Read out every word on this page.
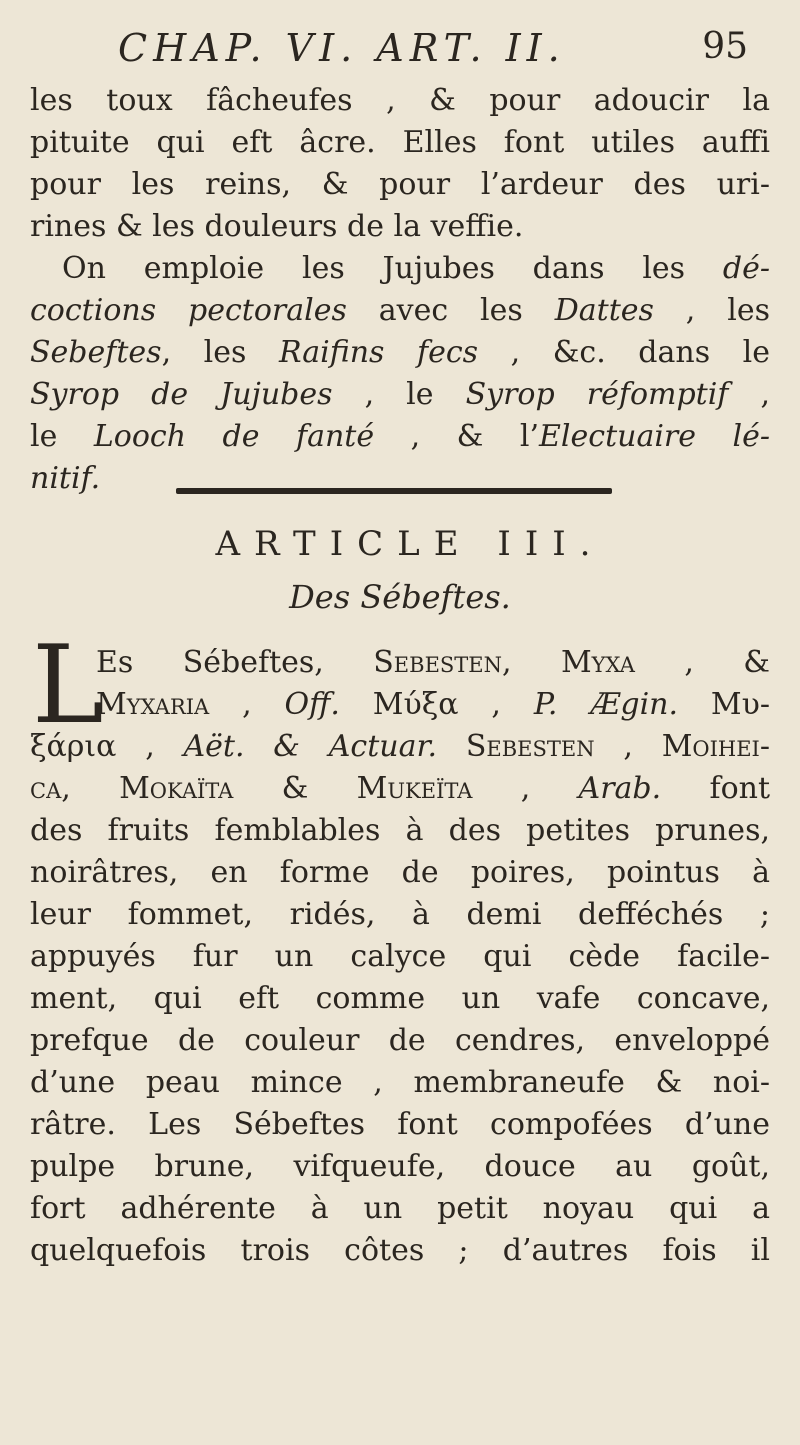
CHAP. VI. ART. II.	95
les toux fâcheufes , & pour adoucir la
pituite qui eft âcre. Elles font utiles auffi
pour les reins, & pour l’ardeur des uri-
rines & les douleurs de la veffie.
On emploie les Jujubes dans les dé-
coctions pectorales avec les Dattes , les
Sebeftes, les Raifins fecs , &c. dans le
Syrop de Jujubes , le Syrop réfomptif ,
le Looch de fanté , & l’Electuaire lé-
nitif.
ARTICLE III.
Des Sébeftes.
L
Es Sébeftes, Sebesten, Myxa , &
Myxaria , Off. Μύξα , P. Ægin. Μυ-
ξάρια , Aët. & Actuar. Sebesten , Moihei-
ca, Mokaïta & Mukeïta , Arab. font
des fruits femblables à des petites prunes,
noirâtres, en forme de poires, pointus à
leur fommet, ridés, à demi defféchés ;
appuyés fur un calyce qui cède facile-
ment, qui eft comme un vafe concave,
prefque de couleur de cendres, enveloppé
d’une peau mince , membraneufe & noi-
râtre. Les Sébeftes font compofées d’une
pulpe brune, vifqueufe, douce au goût,
fort adhérente à un petit noyau qui a
quelquefois trois côtes ; d’autres fois il
